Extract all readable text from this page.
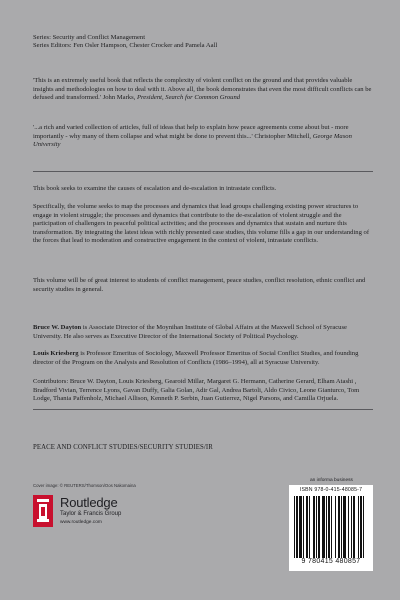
Series: Security and Conflict Management
Series Editors: Fen Osler Hampson, Chester Crocker and Pamela Aall
'This is an extremely useful book that reflects the complexity of violent conflict on the ground and that provides valuable insights and methodologies on how to deal with it. Above all, the book demonstrates that even the most difficult conflicts can be defused and transformed.' John Marks, President, Search for Common Ground
'...a rich and varied collection of articles, full of ideas that help to explain how peace agreements come about but - more importantly - why many of them collapse and what might be done to prevent this...' Christopher Mitchell, George Mason University
This book seeks to examine the causes of escalation and de-escalation in intrastate conflicts.
Specifically, the volume seeks to map the processes and dynamics that lead groups challenging existing power structures to engage in violent struggle; the processes and dynamics that contribute to the de-escalation of violent struggle and the participation of challengers in peaceful political activities; and the processes and dynamics that sustain and nurture this transformation. By integrating the latest ideas with richly presented case studies, this volume fills a gap in our understanding of the forces that lead to moderation and constructive engagement in the context of violent, intrastate conflicts.
This volume will be of great interest to students of conflict management, peace studies, conflict resolution, ethnic conflict and security studies in general.
Bruce W. Dayton is Associate Director of the Moynihan Institute of Global Affairs at the Maxwell School of Syracuse University. He also serves as Executive Director of the International Society of Political Psychology.
Louis Kriesberg is Professor Emeritus of Sociology, Maxwell Professor Emeritus of Social Conflict Studies, and founding director of the Program on the Analysis and Resolution of Conflicts (1986–1994), all at Syracuse University.
Contributors: Bruce W. Dayton, Louis Kriesberg, Gearoid Millar, Margaret G. Hermann, Catherine Gerard, Elham Atashi , Bradford Vivian, Terrence Lyons, Gavan Duffy, Galia Golan, Adir Gal, Andrea Bartoli, Aldo Civico, Leone Gianturco, Tom Lodge, Thania Paffenholz, Michael Allison, Kenneth P. Serbin, Juan Gutierrez, Nigel Parsons, and Camilla Orjuela.
PEACE AND CONFLICT STUDIES/SECURITY STUDIES/IR
Cover image: © REUTERS/Thomson/Oos Nakomaina
Routledge
Taylor & Francis Group
www.routledge.com
an informa business
ISBN 978-0-415-48085-7
9 780415 480857
